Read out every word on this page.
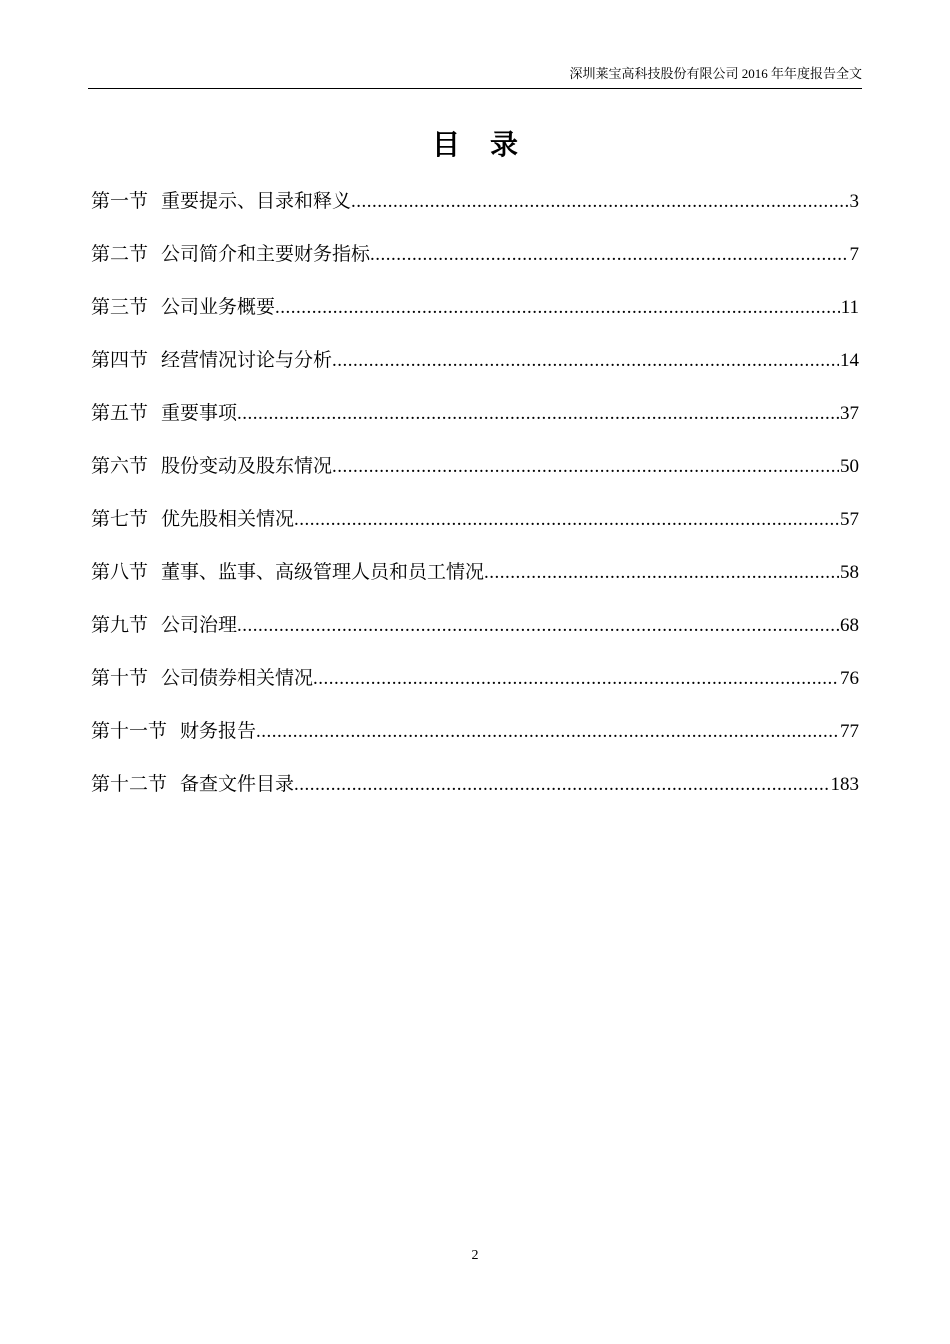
深圳莱宝高科技股份有限公司 2016 年年度报告全文
目录
第一节 重要提示、目录和释义 .....	3
第二节 公司简介和主要财务指标 .....	7
第三节 公司业务概要 .....	11
第四节 经营情况讨论与分析 .....	14
第五节 重要事项 .....	37
第六节 股份变动及股东情况 .....	50
第七节 优先股相关情况 .....	57
第八节 董事、监事、高级管理人员和员工情况 .....	58
第九节 公司治理 .....	68
第十节 公司债券相关情况 .....	76
第十一节 财务报告 .....	77
第十二节 备查文件目录 .....	183
2
